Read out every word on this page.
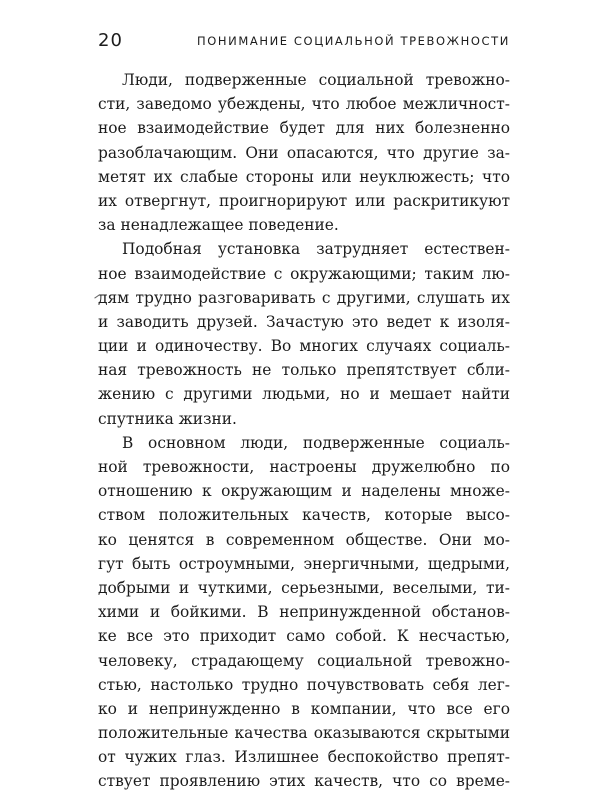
20	ПОНИМАНИЕ СОЦИАЛЬНОЙ ТРЕВОЖНОСТИ
Люди, подверженные социальной тревожно-
сти, заведомо убеждены, что любое межличност-
ное взаимодействие будет для них болезненно
разоблачающим. Они опасаются, что другие за-
метят их слабые стороны или неуклюжесть; что
их отвергнут, проигнорируют или раскритикуют
за ненадлежащее поведение.
Подобная установка затрудняет естествен-
ное взаимодействие с окружающими; таким лю-
дям трудно разговаривать с другими, слушать их
и заводить друзей. Зачастую это ведет к изоля-
ции и одиночеству. Во многих случаях социаль-
ная тревожность не только препятствует сбли-
жению с другими людьми, но и мешает найти
спутника жизни.
В основном люди, подверженные социаль-
ной тревожности, настроены дружелюбно по
отношению к окружающим и наделены множе-
ством положительных качеств, которые высо-
ко ценятся в современном обществе. Они мо-
гут быть остроумными, энергичными, щедрыми,
добрыми и чуткими, серьезными, веселыми, ти-
хими и бойкими. В непринужденной обстанов-
ке все это приходит само собой. К несчастью,
человеку, страдающему социальной тревожно-
стью, настолько трудно почувствовать себя лег-
ко и непринужденно в компании, что все его
положительные качества оказываются скрытыми
от чужих глаз. Излишнее беспокойство препят-
ствует проявлению этих качеств, что со време-
